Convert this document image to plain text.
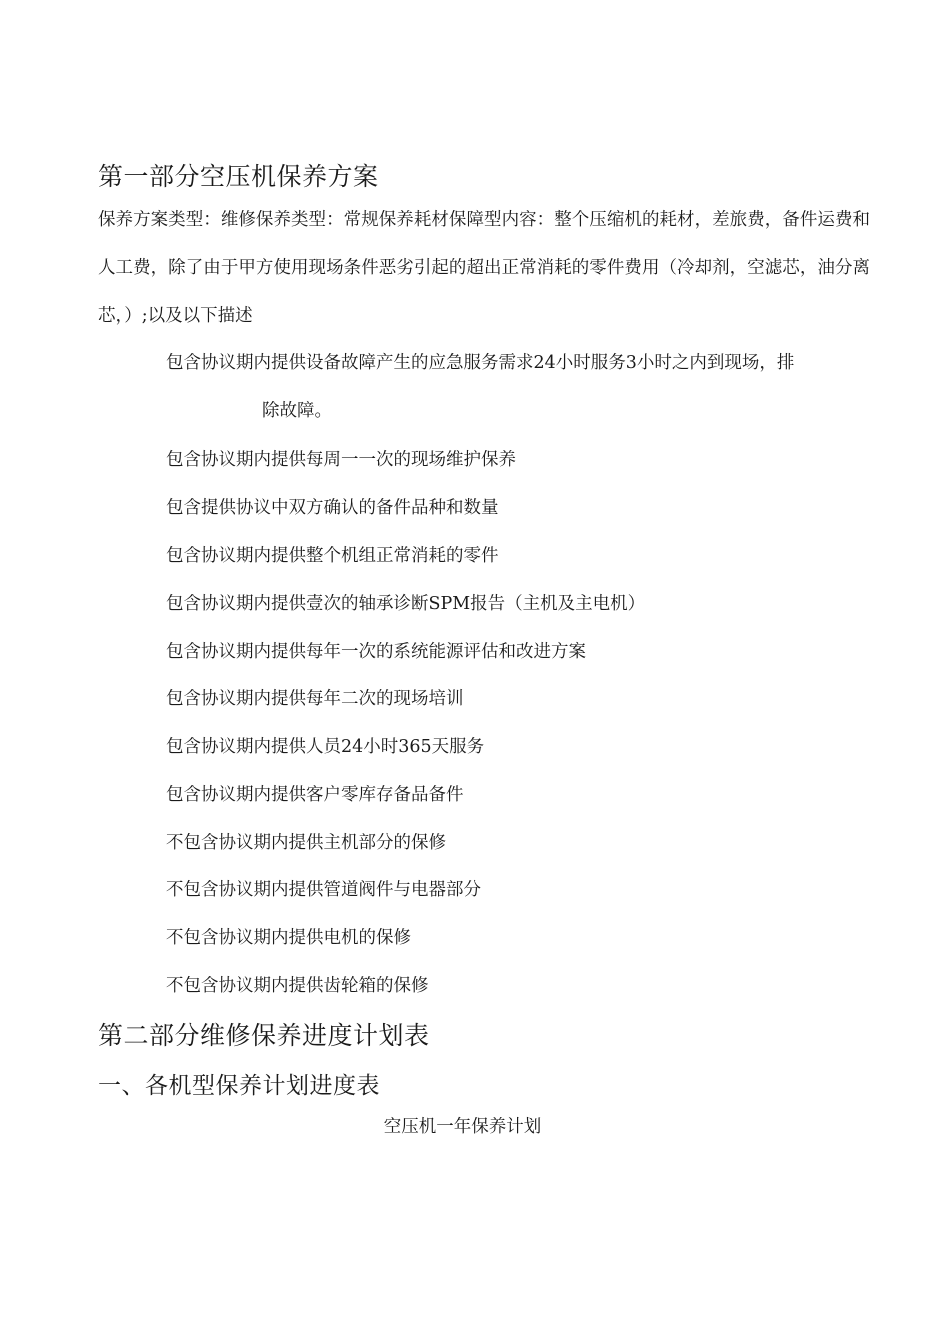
第一部分空压机保养方案
保养方案类型：维修保养类型：常规保养耗材保障型内容：整个压缩机的耗材，差旅费，备件运费和人工费，除了由于甲方使用现场条件恶劣引起的超出正常消耗的零件费用（冷却剂，空滤芯，油分离芯，）;以及以下描述
包含协议期内提供设备故障产生的应急服务需求24小时服务3小时之内到现场，排
除故障。
包含协议期内提供每周一一次的现场维护保养
包含提供协议中双方确认的备件品种和数量
包含协议期内提供整个机组正常消耗的零件
包含协议期内提供壹次的轴承诊断SPM报告（主机及主电机）
包含协议期内提供每年一次的系统能源评估和改进方案
包含协议期内提供每年二次的现场培训
包含协议期内提供人员24小时365天服务
包含协议期内提供客户零库存备品备件
不包含协议期内提供主机部分的保修
不包含协议期内提供管道阀件与电器部分
不包含协议期内提供电机的保修
不包含协议期内提供齿轮箱的保修
第二部分维修保养进度计划表
一、各机型保养计划进度表
空压机一年保养计划
